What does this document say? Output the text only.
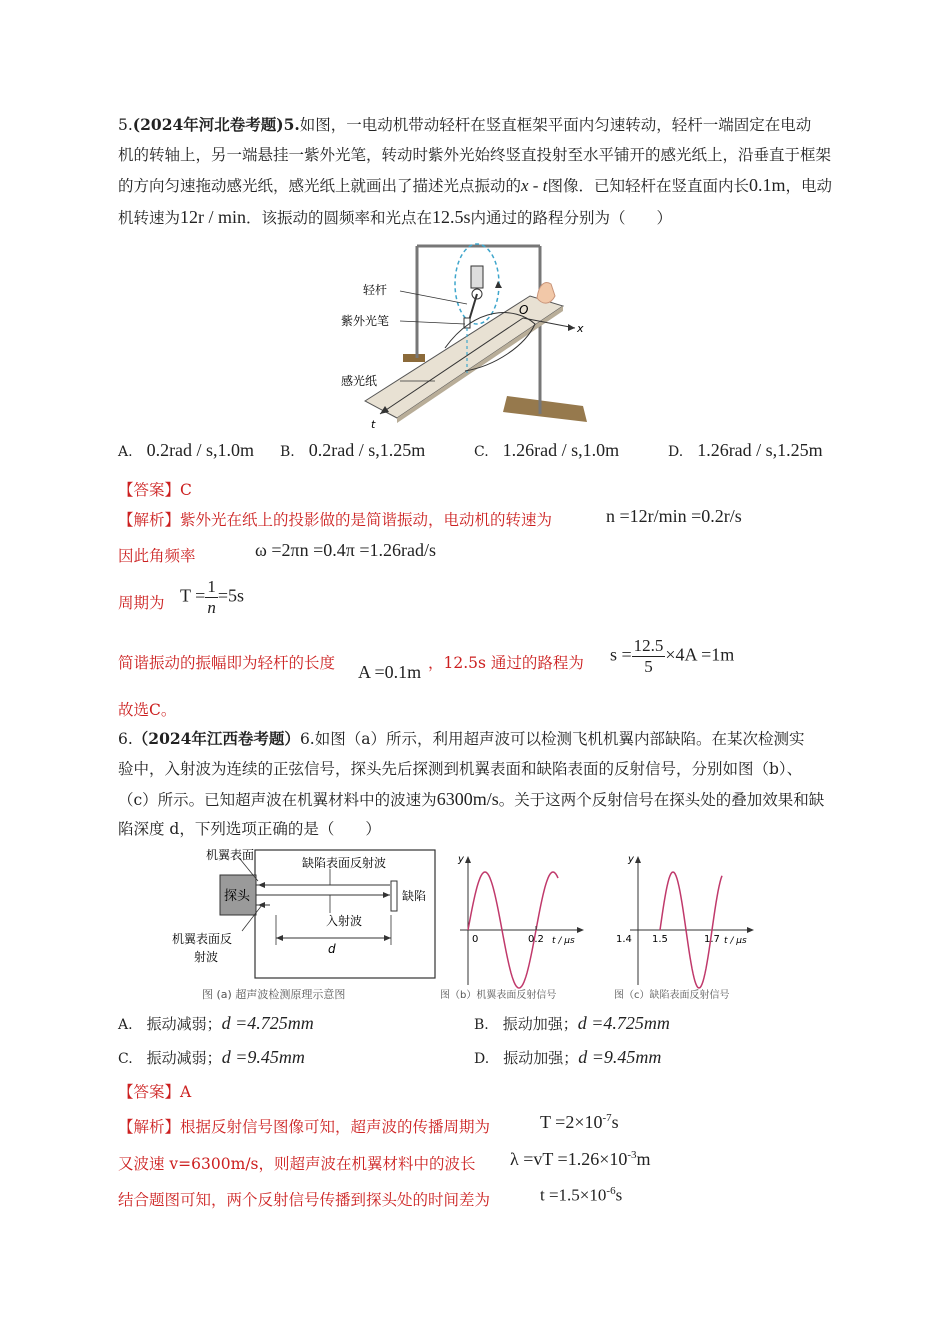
5.(2024年河北卷考题)5.如图，一电动机带动轻杆在竖直框架平面内匀速转动，轻杆一端固定在电动

机的转轴上，另一端悬挂一紫外光笔，转动时紫外光始终竖直投射至水平铺开的感光纸上，沿垂直于框架

的方向匀速拖动感光纸，感光纸上就画出了描述光点振动的x - t图像．已知轻杆在竖直面内长0.1m，电动

机转速为12r / min．该振动的圆频率和光点在12.5s内通过的路程分别为（　　）

轻杆
紫外光笔
感光纸
O
x
t
A. 0.2rad / s,1.0m B. 0.2rad / s,1.25m	C. 1.26rad / s,1.0m	D. 1.26rad / s,1.25m
【答案】C
【解析】紫外光在纸上的投影做的是简谐振动，电动机的转速为	n =12r/min =0.2r/s
因此角频率	ω =2πn =0.4π =1.26rad/s
周期为 $T = \frac{1}{n} =5s$
简谐振动的振幅即为轻杆的长度 A =0.1m ，12.5s 通过的路程为 $s = \frac{12.5}{5} \times 4A =1m$
故选C。

6.（2024年江西卷考题）6.如图（a）所示，利用超声波可以检测飞机机翼内部缺陷。在某次检测实

验中，入射波为连续的正弦信号，探头先后探测到机翼表面和缺陷表面的反射信号，分别如图（b）、

（c）所示。已知超声波在机翼材料中的波速为6300m/s。关于这两个反射信号在探头处的叠加效果和缺

陷深度 d，下列选项正确的是（　　）

机翼表面
缺陷表面反射波
探头	缺陷
入射波
机翼表面反
射波
d
图 (a) 超声波检测原理示意图
y
0	0.2 t / μs
图（b）机翼表面反射信号
y
1.4 1.5	1.7 t / μs
图（c）缺陷表面反射信号
A. 振动减弱；d =4.725mm	B. 振动加强；d =4.725mm
C. 振动减弱；d =9.45mm	D. 振动加强；d =9.45mm
【答案】A
【解析】根据反射信号图像可知，超声波的传播周期为	$T =2\times 10^{-7}s$
又波速 v=6300m/s，则超声波在机翼材料中的波长 $\lambda =vT =1.26\times 10^{-3}m$
结合题图可知，两个反射信号传播到探头处的时间差为	$t =1.5\times 10^{-6}s$
